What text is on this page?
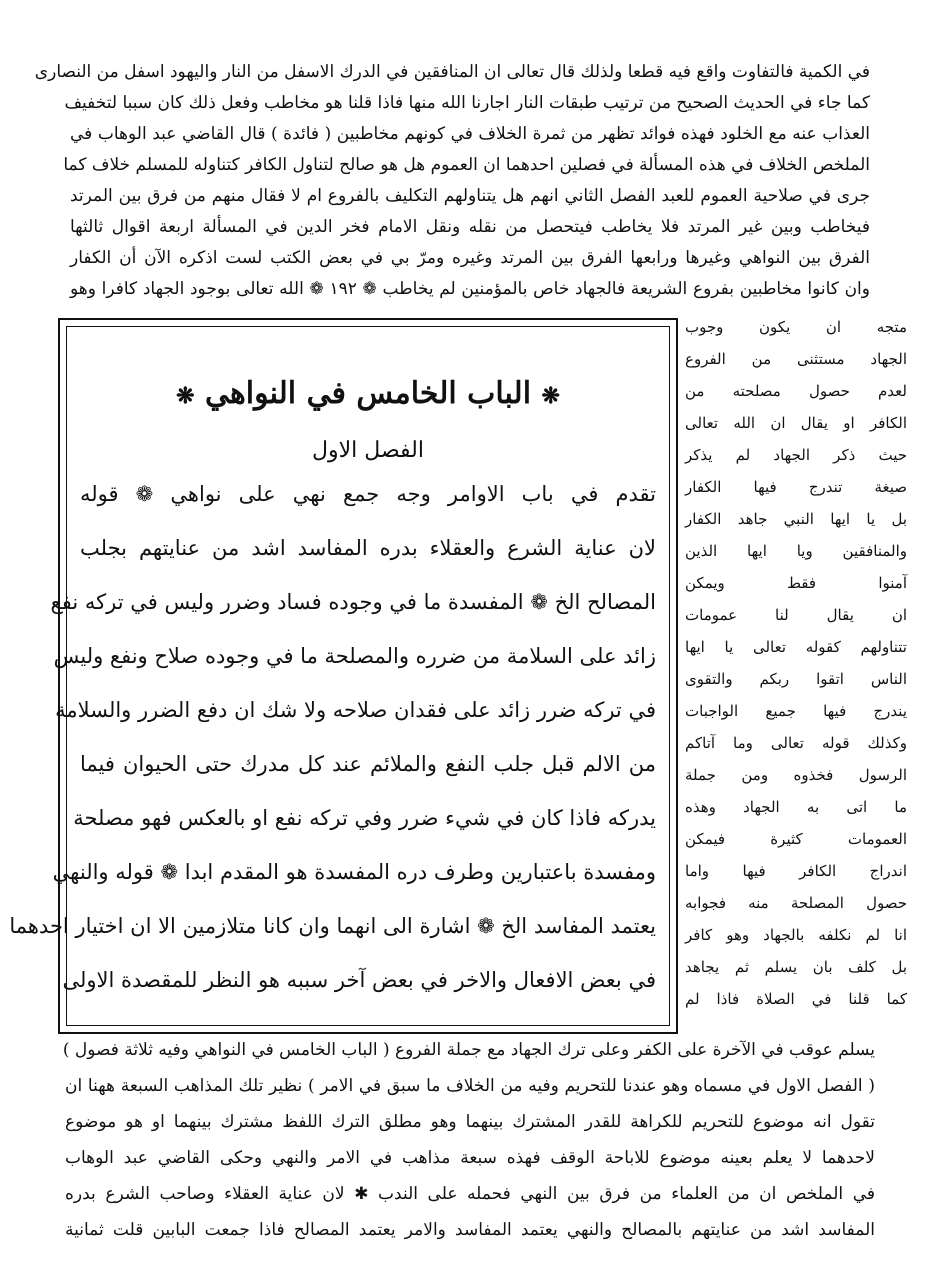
في الكمية فالتفاوت واقع فيه قطعا ولذلك قال تعالى ان المنافقين في الدرك الاسفل من النار واليهود اسفل من النصارى
كما جاء في الحديث الصحيح من ترتيب طبقات النار اجارنا الله منها فاذا قلنا هو مخاطب وفعل ذلك كان سببا لتخفيف
العذاب عنه مع الخلود فهذه فوائد تظهر من ثمرة الخلاف في كونهم مخاطبين ( فائدة ) قال القاضي عبد الوهاب في
الملخص الخلاف في هذه المسألة في فصلين احدهما ان العموم هل هو صالح لتناول الكافر كتناوله للمسلم خلاف كما
جرى في صلاحية العموم للعبد الفصل الثاني انهم هل يتناولهم التكليف بالفروع ام لا فقال منهم من فرق بين المرتد
فيخاطب وبين غير المرتد فلا يخاطب فيتحصل من نقله ونقل الامام فخر الدين في المسألة اربعة اقوال ثالثها
الفرق بين النواهي وغيرها ورابعها الفرق بين المرتد وغيره ومرّ بي في بعض الكتب لست اذكره الآن أن الكفار
وان كانوا مخاطبين بفروع الشريعة فالجهاد خاص بالمؤمنين لم يخاطب ❁ ١٩٢ ❁ الله تعالى بوجود الجهاد كافرا وهو
متجه ان يكون وجوب
الجهاد مستثنى من الفروع
لعدم حصول مصلحته من
الكافر او يقال ان الله تعالى
حيث ذكر الجهاد لم يذكر
صيغة تندرج فيها الكفار
بل يا ايها النبي جاهد الكفار
والمنافقين ويا ايها الذين
آمنوا فقط ويمكن
ان يقال لنا عمومات
تتناولهم كقوله تعالى يا ايها
الناس اتقوا ربكم والتقوى
يندرج فيها جميع الواجبات
وكذلك قوله تعالى وما آتاكم
الرسول فخذوه ومن جملة
ما اتى به الجهاد وهذه
العمومات كثيرة فيمكن
اندراج الكافر فيها واما
حصول المصلحة منه فجوابه
انا لم نكلفه بالجهاد وهو كافر
بل كلف بان يسلم ثم يجاهد
كما قلنا في الصلاة فاذا لم
❋ الباب الخامس في النواهي ❋
الفصل الاول
تقدم في باب الاوامر وجه جمع نهي على نواهي ❁ قوله
لان عناية الشرع والعقلاء بدره المفاسد اشد من عنايتهم بجلب
المصالح الخ ❁ المفسدة ما في وجوده فساد وضرر وليس في تركه نفع
زائد على السلامة من ضرره والمصلحة ما في وجوده صلاح ونفع وليس
في تركه ضرر زائد على فقدان صلاحه ولا شك ان دفع الضرر والسلامة
من الالم قبل جلب النفع والملائم عند كل مدرك حتى الحيوان فيما
يدركه فاذا كان في شيء ضرر وفي تركه نفع او بالعكس فهو مصلحة
ومفسدة باعتبارين وطرف دره المفسدة هو المقدم ابدا ❁ قوله والنهي
يعتمد المفاسد الخ ❁ اشارة الى انهما وان كانا متلازمين الا ان اختيار احدهما
في بعض الافعال والاخر في بعض آخر سببه هو النظر للمقصدة الاولى
يسلم عوقب في الآخرة على الكفر وعلى ترك الجهاد مع جملة الفروع ( الباب الخامس في النواهي وفيه ثلاثة فصول )
( الفصل الاول في مسماه وهو عندنا للتحريم وفيه من الخلاف ما سبق في الامر ) نظير تلك المذاهب السبعة ههنا ان
تقول انه موضوع للتحريم للكراهة للقدر المشترك بينهما وهو مطلق الترك اللفظ مشترك بينهما او هو موضوع
لاحدهما لا يعلم بعينه موضوع للاباحة الوقف فهذه سبعة مذاهب في الامر والنهي وحكى القاضي عبد الوهاب
في الملخص ان من العلماء من فرق بين النهي فحمله على الندب ✱ لان عناية العقلاء وصاحب الشرع بدره
المفاسد اشد من عنايتهم بالمصالح والنهي يعتمد المفاسد والامر يعتمد المصالح فاذا جمعت البابين قلت ثمانية
